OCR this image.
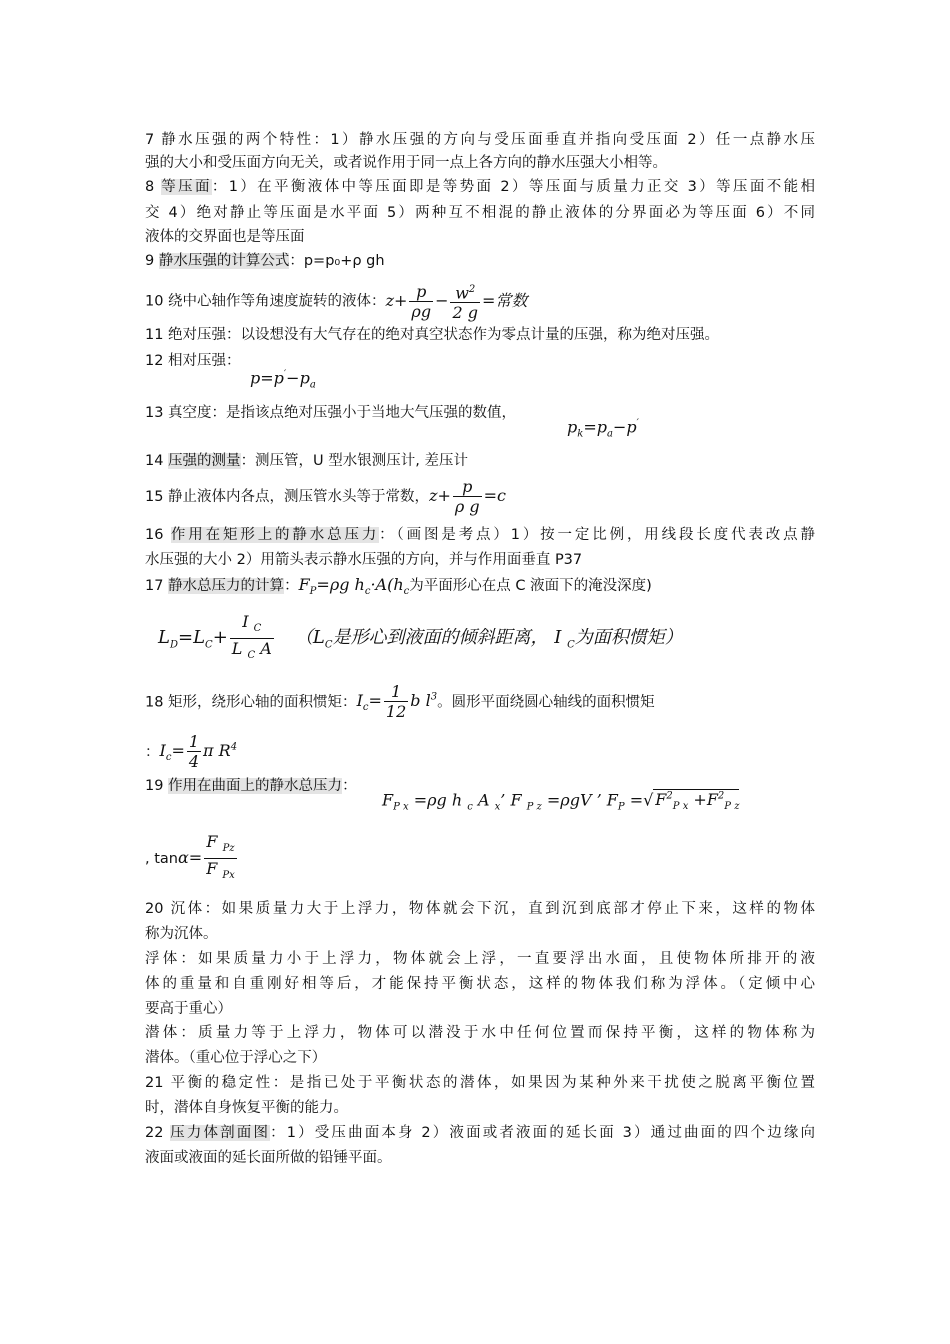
7 静水压强的两个特性：1）静水压强的方向与受压面垂直并指向受压面 2）任一点静水压
强的大小和受压面方向无关，或者说作用于同一点上各方向的静水压强大小相等。
8 等压面：1）在平衡液体中等压面即是等势面 2）等压面与质量力正交 3）等压面不能相
交 4）绝对静止等压面是水平面 5）两种互不相混的静止液体的分界面必为等压面 6）不同
液体的交界面也是等压面
9 静水压强的计算公式：p=p₀+ρ gh
10 绕中心轴作等角速度旋转的液体：$z+ \frac{p}{\rho g} - \frac{w^2}{2 g}$ =常数
11 绝对压强：以设想没有大气存在的绝对真空状态作为零点计量的压强，称为绝对压强。
12 相对压强：
$p=p'-p_a$
13 真空度：是指该点绝对压强小于当地大气压强的数值，
$p_k=p_a-p'$
14 压强的测量：测压管，U 型水银测压计, 差压计
15 静止液体内各点，测压管水头等于常数，$z+ \frac{p}{\text{ρ g}} =c$
16 作用在矩形上的静水总压力：（画图是考点）1）按一定比例，用线段长度代表改点静
水压强的大小 2）用箭头表示静水压强的方向，并与作用面垂直 P37
17 静水总压力的计算：$F_P=\rho g$ $h_c\cdot A(h_c$为平面形心在点 C 液面下的淹没深度)
$L_D=L_C+ \frac{I _C}{L _C A} (L_C$是形心到液面的倾斜距离， I $_C$为面积惯矩）
18 矩形，绕形心轴的面积惯矩：$I_c= \frac{1}{12}$ b $l^3$。圆形平面绕圆心轴线的面积惯矩
：$I_c= \frac{1}{4}$ π $R^4$
19 作用在曲面上的静水总压力：
$F_{P x} =\rho g$ h $_c$ A $_x$’ F $_{P z}$ =ρgV ’ $F_P$ =√ $F^2_{P x} +F^2_{P z}$
, $\tan\alpha= \frac{F _{Pz}}{F _{Px}}$
20 沉体：如果质量力大于上浮力，物体就会下沉，直到沉到底部才停止下来，这样的物体
称为沉体。
浮体：如果质量力小于上浮力，物体就会上浮，一直要浮出水面，且使物体所排开的液
体的重量和自重刚好相等后，才能保持平衡状态，这样的物体我们称为浮体。（定倾中心
要高于重心）
潜体：质量力等于上浮力，物体可以潜没于水中任何位置而保持平衡，这样的物体称为
潜体。（重心位于浮心之下）
21 平衡的稳定性：是指已处于平衡状态的潜体，如果因为某种外来干扰使之脱离平衡位置
时，潜体自身恢复平衡的能力。
22 压力体剖面图：1）受压曲面本身 2）液面或者液面的延长面 3）通过曲面的四个边缘向
液面或液面的延长面所做的铅锤平面。
